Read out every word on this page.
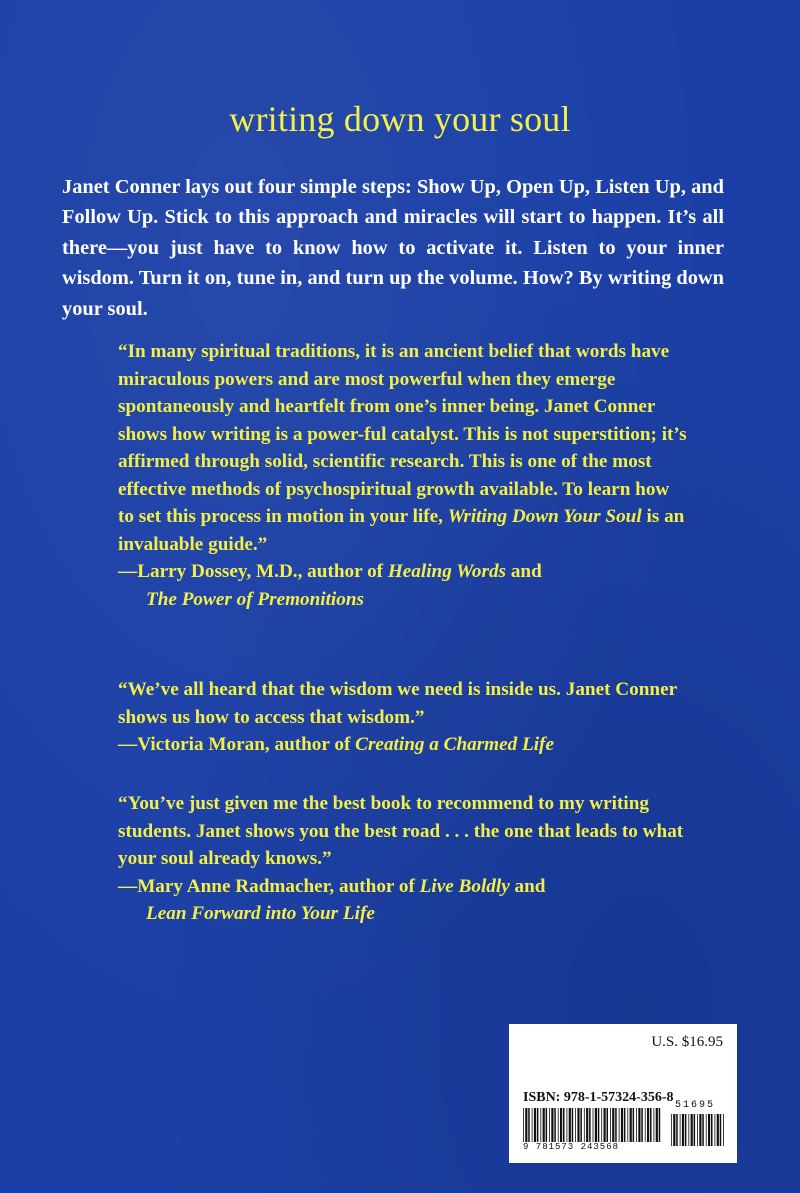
writing down your soul

Janet Conner lays out four simple steps: Show Up, Open Up, Listen Up, and Follow Up. Stick to this approach and miracles will start to happen. It’s all there—you just have to know how to activate it. Listen to your inner wisdom. Turn it on, tune in, and turn up the volume. How? By writing down your soul.

“In many spiritual traditions, it is an ancient belief that words have miraculous powers and are most powerful when they emerge spontaneously and heartfelt from one’s inner being. Janet Conner shows how writing is a power-ful catalyst. This is not superstition; it’s affirmed through solid, scientific research. This is one of the most effective methods of psychospiritual growth available. To learn how to set this process in motion in your life, Writing Down Your Soul is an invaluable guide.”
—Larry Dossey, M.D., author of Healing Words and
The Power of Premonitions
“We’ve all heard that the wisdom we need is inside us. Janet Conner shows us how to access that wisdom.”
—Victoria Moran, author of Creating a Charmed Life
“You’ve just given me the best book to recommend to my writing students. Janet shows you the best road . . . the one that leads to what your soul already knows.”
—Mary Anne Radmacher, author of Live Boldly and
Lean Forward into Your Life
U.S. $16.95
ISBN: 978-1-57324-356-8
51695
9 781573 243568
